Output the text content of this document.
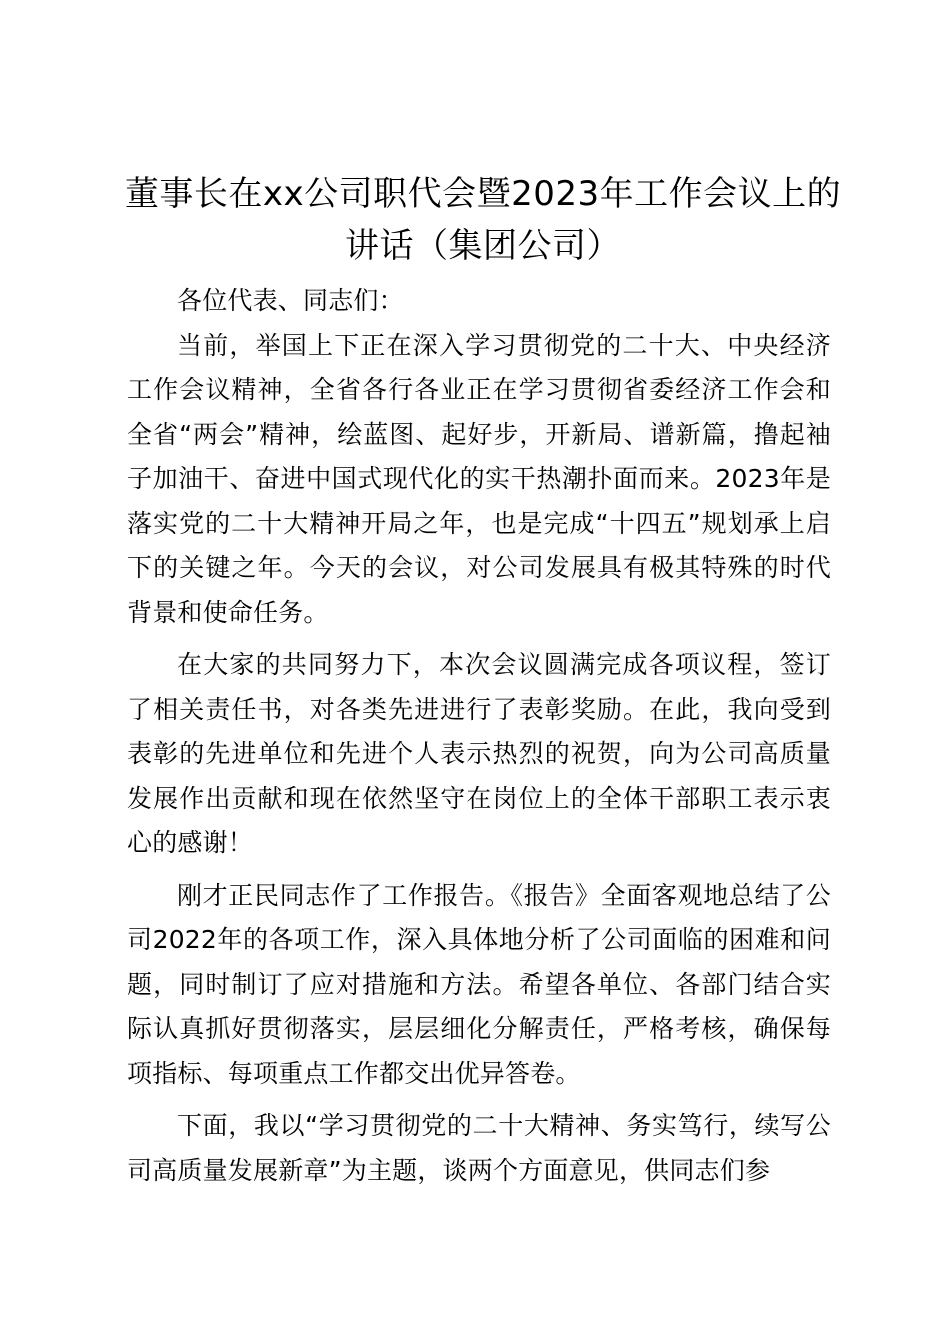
董事长在xx公司职代会暨2023年工作会议上的讲话（集团公司）

各位代表、同志们：

当前，举国上下正在深入学习贯彻党的二十大、中央经济工作会议精神，全省各行各业正在学习贯彻省委经济工作会和全省“两会”精神，绘蓝图、起好步，开新局、谱新篇，撸起袖子加油干、奋进中国式现代化的实干热潮扑面而来。2023年是落实党的二十大精神开局之年，也是完成“十四五”规划承上启下的关键之年。今天的会议，对公司发展具有极其特殊的时代背景和使命任务。

在大家的共同努力下，本次会议圆满完成各项议程，签订了相关责任书，对各类先进进行了表彰奖励。在此，我向受到表彰的先进单位和先进个人表示热烈的祝贺，向为公司高质量发展作出贡献和现在依然坚守在岗位上的全体干部职工表示衷心的感谢！

刚才正民同志作了工作报告。《报告》全面客观地总结了公司2022年的各项工作，深入具体地分析了公司面临的困难和问题，同时制订了应对措施和方法。希望各单位、各部门结合实际认真抓好贯彻落实，层层细化分解责任，严格考核，确保每项指标、每项重点工作都交出优异答卷。

下面，我以“学习贯彻党的二十大精神、务实笃行，续写公司高质量发展新章”为主题，谈两个方面意见，供同志们参
